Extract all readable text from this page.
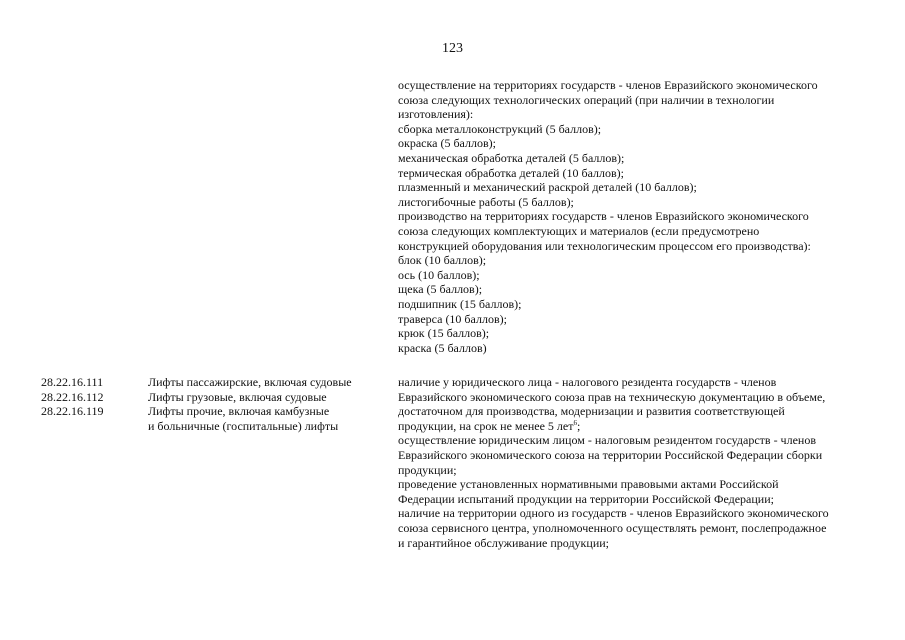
123
осуществление на территориях государств - членов Евразийского экономического
союза следующих технологических операций (при наличии в технологии
изготовления):
сборка металлоконструкций (5 баллов);
окраска (5 баллов);
механическая обработка деталей (5 баллов);
термическая обработка деталей (10 баллов);
плазменный и механический раскрой деталей (10 баллов);
листогибочные работы (5 баллов);
производство на территориях государств - членов Евразийского экономического
союза следующих комплектующих и материалов (если предусмотрено
конструкцией оборудования или технологическим процессом его производства):
блок (10 баллов);
ось (10 баллов);
щека (5 баллов);
подшипник (15 баллов);
траверса (10 баллов);
крюк (15 баллов);
краска (5 баллов)
28.22.16.111
28.22.16.112
28.22.16.119
Лифты пассажирские, включая судовые
Лифты грузовые, включая судовые
Лифты прочие, включая камбузные
и больничные (госпитальные) лифты
наличие у юридического лица - налогового резидента государств - членов
Евразийского экономического союза прав на техническую документацию в объеме,
достаточном для производства, модернизации и развития соответствующей
продукции, на срок не менее 5 лет$^6$;
осуществление юридическим лицом - налоговым резидентом государств - членов
Евразийского экономического союза на территории Российской Федерации сборки
продукции;
проведение установленных нормативными правовыми актами Российской
Федерации испытаний продукции на территории Российской Федерации;
наличие на территории одного из государств - членов Евразийского экономического
союза сервисного центра, уполномоченного осуществлять ремонт, послепродажное
и гарантийное обслуживание продукции;
